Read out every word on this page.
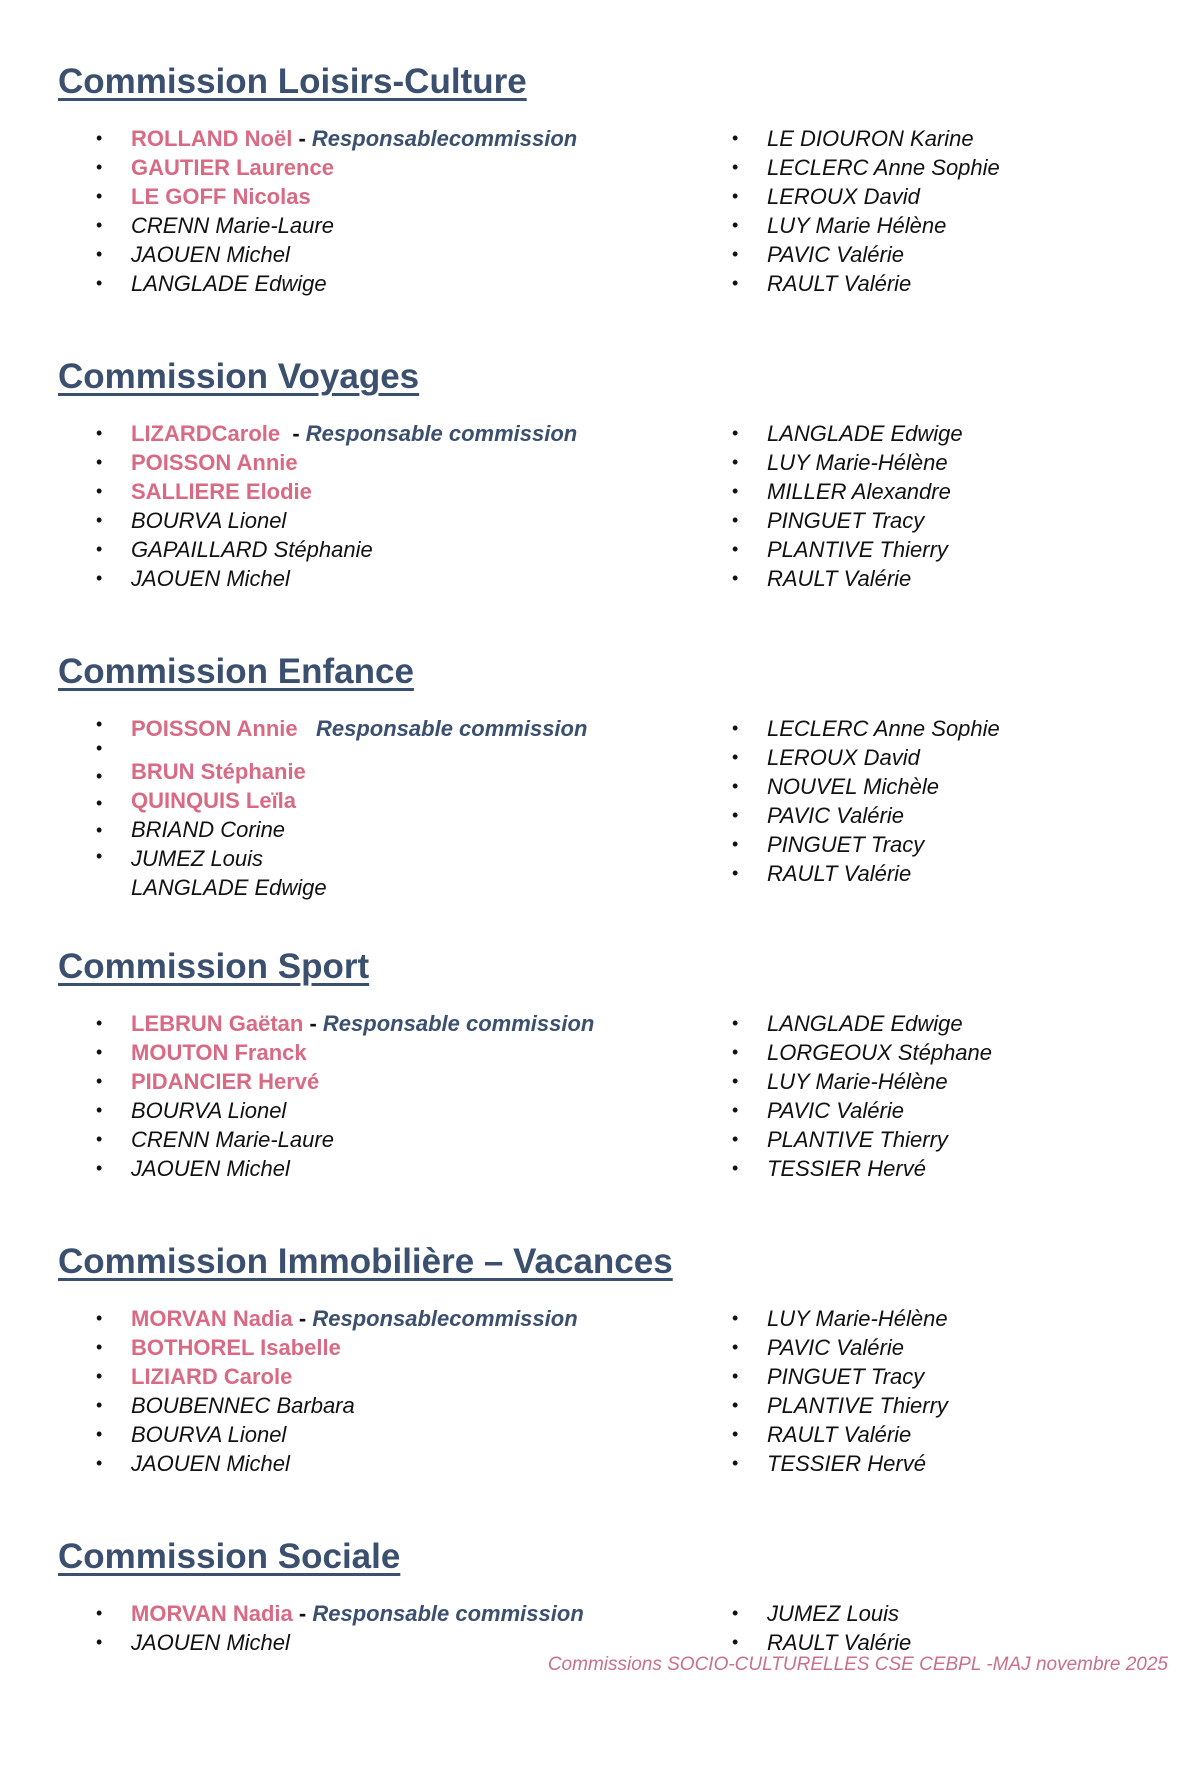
Commission Loisirs-Culture
• ROLLAND Noël - Responsablecommission
• GAUTIER Laurence
• LE GOFF Nicolas
• CRENN Marie-Laure
• JAOUEN Michel
• LANGLADE Edwige
• LE DIOURON Karine
• LECLERC Anne Sophie
• LEROUX David
• LUY Marie Hélène
• PAVIC Valérie
• RAULT Valérie
Commission Voyages
• LIZARDCarole  - Responsable commission
• POISSON Annie
• SALLIERE Elodie
• BOURVA Lionel
• GAPAILLARD Stéphanie
• JAOUEN Michel
• LANGLADE Edwige
• LUY Marie-Hélène
• MILLER Alexandre
• PINGUET Tracy
• PLANTIVE Thierry
• RAULT Valérie
Commission Enfance
•
•
•
•
•
•
POISSON Annie Responsable commission
BRUN Stéphanie
QUINQUIS Leïla
BRIAND Corine
JUMEZ Louis
LANGLADE Edwige
• LECLERC Anne Sophie
• LEROUX David
• NOUVEL Michèle
• PAVIC Valérie
• PINGUET Tracy
• RAULT Valérie
Commission Sport
• LEBRUN Gaëtan - Responsable commission
• MOUTON Franck
• PIDANCIER Hervé
• BOURVA Lionel
• CRENN Marie-Laure
• JAOUEN Michel
• LANGLADE Edwige
• LORGEOUX Stéphane
• LUY Marie-Hélène
• PAVIC Valérie
• PLANTIVE Thierry
• TESSIER Hervé
Commission Immobilière – Vacances
• MORVAN Nadia - Responsablecommission
• BOTHOREL Isabelle
• LIZIARD Carole
• BOUBENNEC Barbara
• BOURVA Lionel
• JAOUEN Michel
• LUY Marie-Hélène
• PAVIC Valérie
• PINGUET Tracy
• PLANTIVE Thierry
• RAULT Valérie
• TESSIER Hervé
Commission Sociale
• MORVAN Nadia - Responsable commission
• JAOUEN Michel
• JUMEZ Louis
• RAULT Valérie
Commissions SOCIO-CULTURELLES CSE CEBPL -MAJ novembre 2025
